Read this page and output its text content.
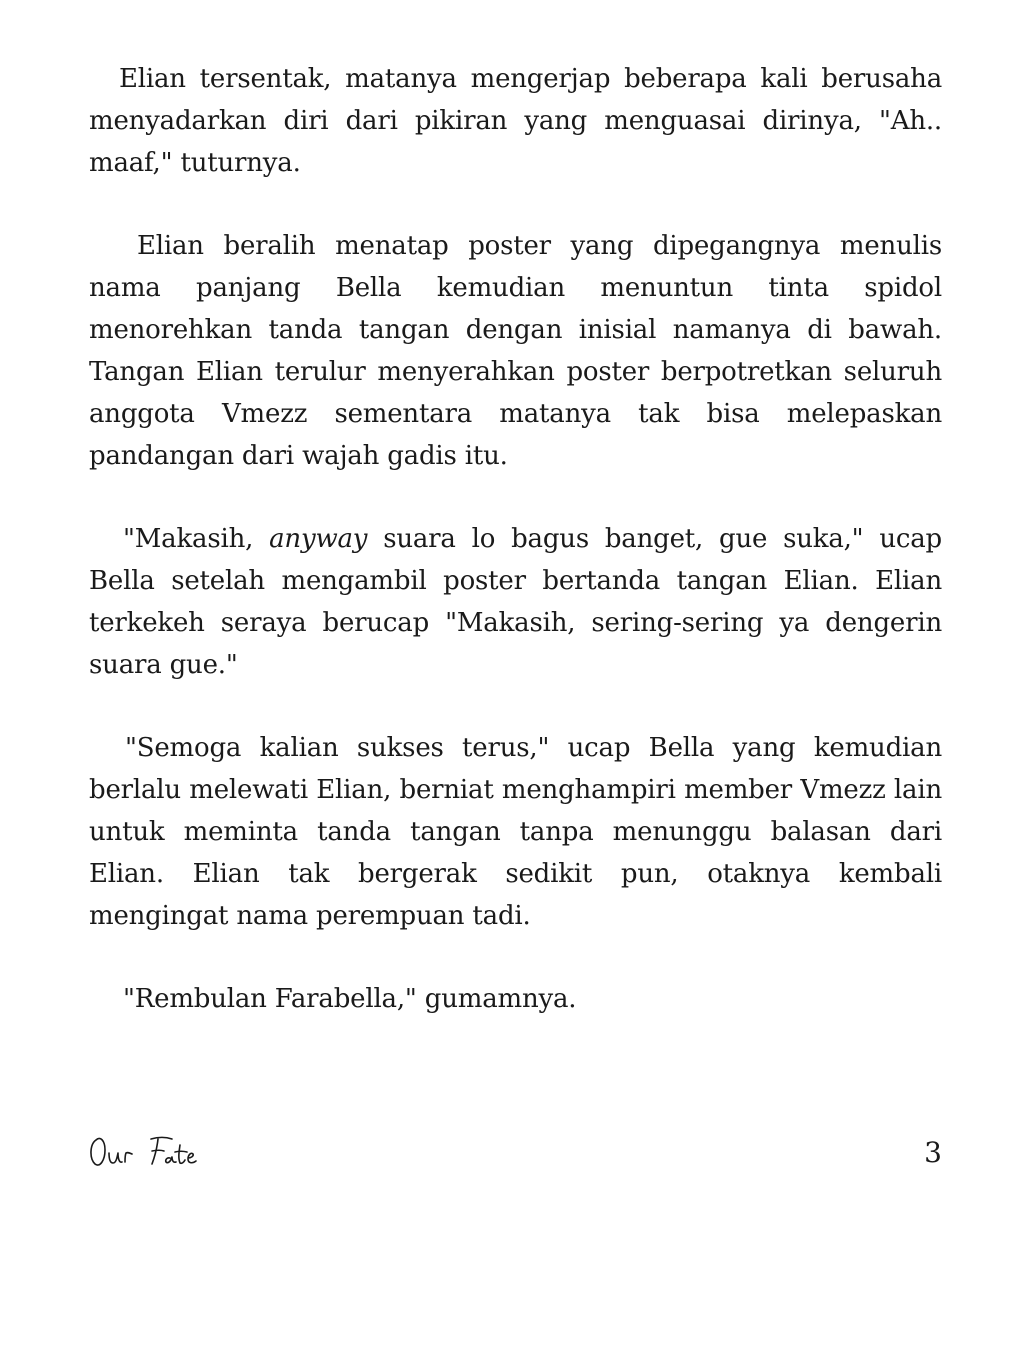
Elian tersentak, matanya mengerjap beberapa kali berusaha menyadarkan diri dari pikiran yang menguasai dirinya, "Ah.. maaf," tuturnya.

Elian beralih menatap poster yang dipegangnya menulis nama panjang Bella kemudian menuntun tinta spidol menorehkan tanda tangan dengan inisial namanya di bawah. Tangan Elian terulur menyerahkan poster berpotretkan seluruh anggota Vmezz sementara matanya tak bisa melepaskan pandangan dari wajah gadis itu.

"Makasih, anyway suara lo bagus banget, gue suka," ucap Bella setelah mengambil poster bertanda tangan Elian. Elian terkekeh seraya berucap "Makasih, sering-sering ya dengerin suara gue."

"Semoga kalian sukses terus," ucap Bella yang kemudian berlalu melewati Elian, berniat menghampiri member Vmezz lain untuk meminta tanda tangan tanpa menunggu balasan dari Elian. Elian tak bergerak sedikit pun, otaknya kembali mengingat nama perempuan tadi.

"Rembulan Farabella," gumamnya.

3
